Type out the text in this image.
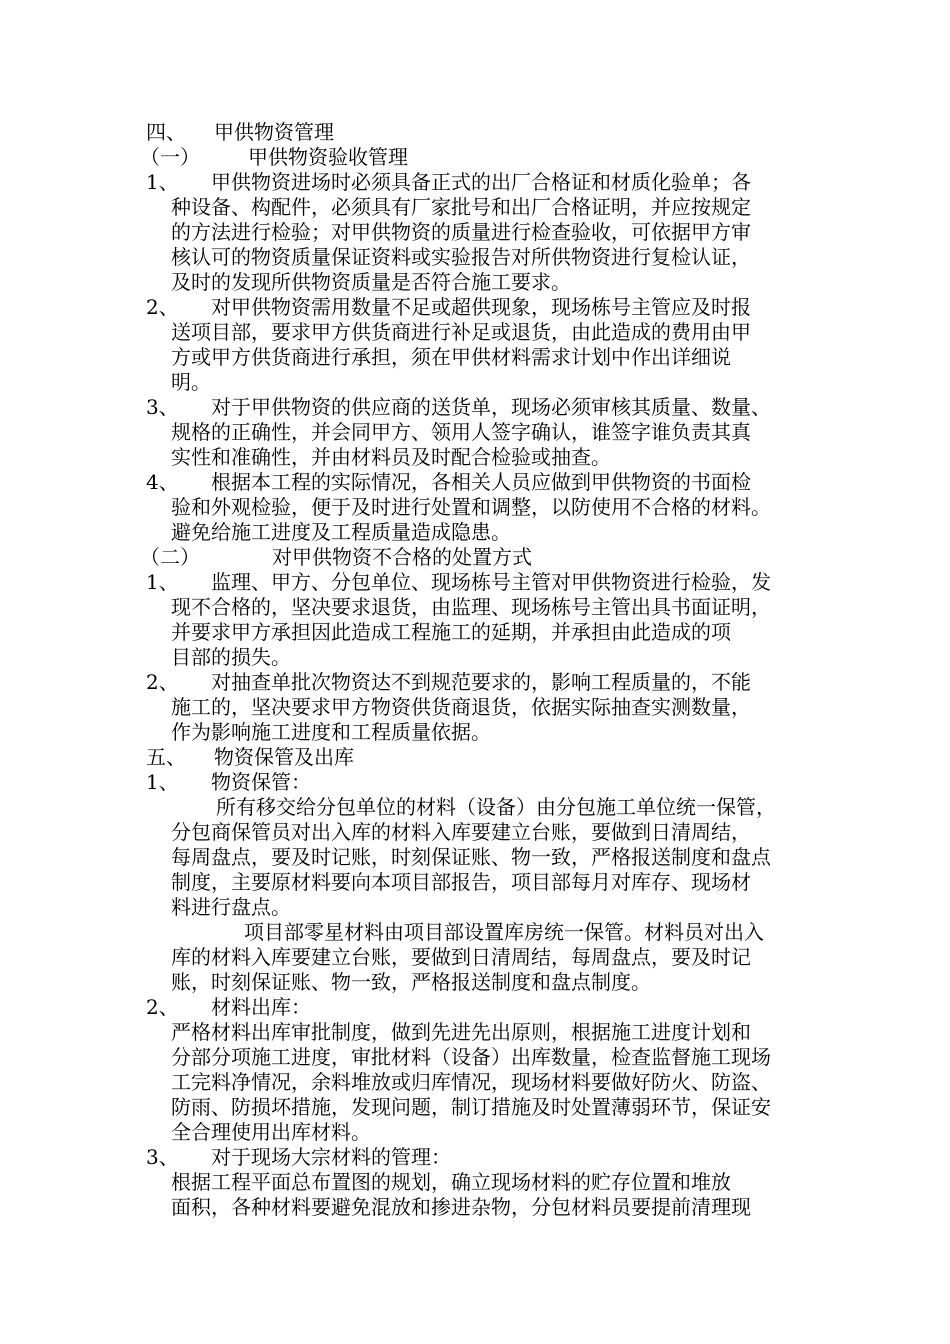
四、 甲供物资管理
（一） 甲供物资验收管理
1、 甲供物资进场时必须具备正式的出厂合格证和材质化验单；各
种设备、构配件，必须具有厂家批号和出厂合格证明，并应按规定
的方法进行检验；对甲供物资的质量进行检查验收，可依据甲方审
核认可的物资质量保证资料或实验报告对所供物资进行复检认证，
及时的发现所供物资质量是否符合施工要求。
2、 对甲供物资需用数量不足或超供现象，现场栋号主管应及时报
送项目部，要求甲方供货商进行补足或退货，由此造成的费用由甲
方或甲方供货商进行承担，须在甲供材料需求计划中作出详细说
明。
3、 对于甲供物资的供应商的送货单，现场必须审核其质量、数量、
规格的正确性，并会同甲方、领用人签字确认，谁签字谁负责其真
实性和准确性，并由材料员及时配合检验或抽查。
4、 根据本工程的实际情况，各相关人员应做到甲供物资的书面检
验和外观检验，便于及时进行处置和调整，以防使用不合格的材料。
避免给施工进度及工程质量造成隐患。
（二）	对甲供物资不合格的处置方式
1、 监理、甲方、分包单位、现场栋号主管对甲供物资进行检验，发
现不合格的，坚决要求退货，由监理、现场栋号主管出具书面证明，
并要求甲方承担因此造成工程施工的延期，并承担由此造成的项
目部的损失。
2、 对抽查单批次物资达不到规范要求的，影响工程质量的，不能
施工的，坚决要求甲方物资供货商退货，依据实际抽查实测数量，
作为影响施工进度和工程质量依据。
五、 物资保管及出库
1、 物资保管：
所有移交给分包单位的材料（设备）由分包施工单位统一保管，
分包商保管员对出入库的材料入库要建立台账，要做到日清周结，
每周盘点，要及时记账，时刻保证账、物一致，严格报送制度和盘点
制度，主要原材料要向本项目部报告，项目部每月对库存、现场材
料进行盘点。
项目部零星材料由项目部设置库房统一保管。材料员对出入
库的材料入库要建立台账，要做到日清周结，每周盘点，要及时记
账，时刻保证账、物一致，严格报送制度和盘点制度。
2、 材料出库：
严格材料出库审批制度，做到先进先出原则，根据施工进度计划和
分部分项施工进度，审批材料（设备）出库数量，检查监督施工现场
工完料净情况，余料堆放或归库情况，现场材料要做好防火、防盗、
防雨、防损坏措施，发现问题，制订措施及时处置薄弱环节，保证安
全合理使用出库材料。
3、 对于现场大宗材料的管理：
根据工程平面总布置图的规划，确立现场材料的贮存位置和堆放
面积，各种材料要避免混放和掺进杂物，分包材料员要提前清理现
